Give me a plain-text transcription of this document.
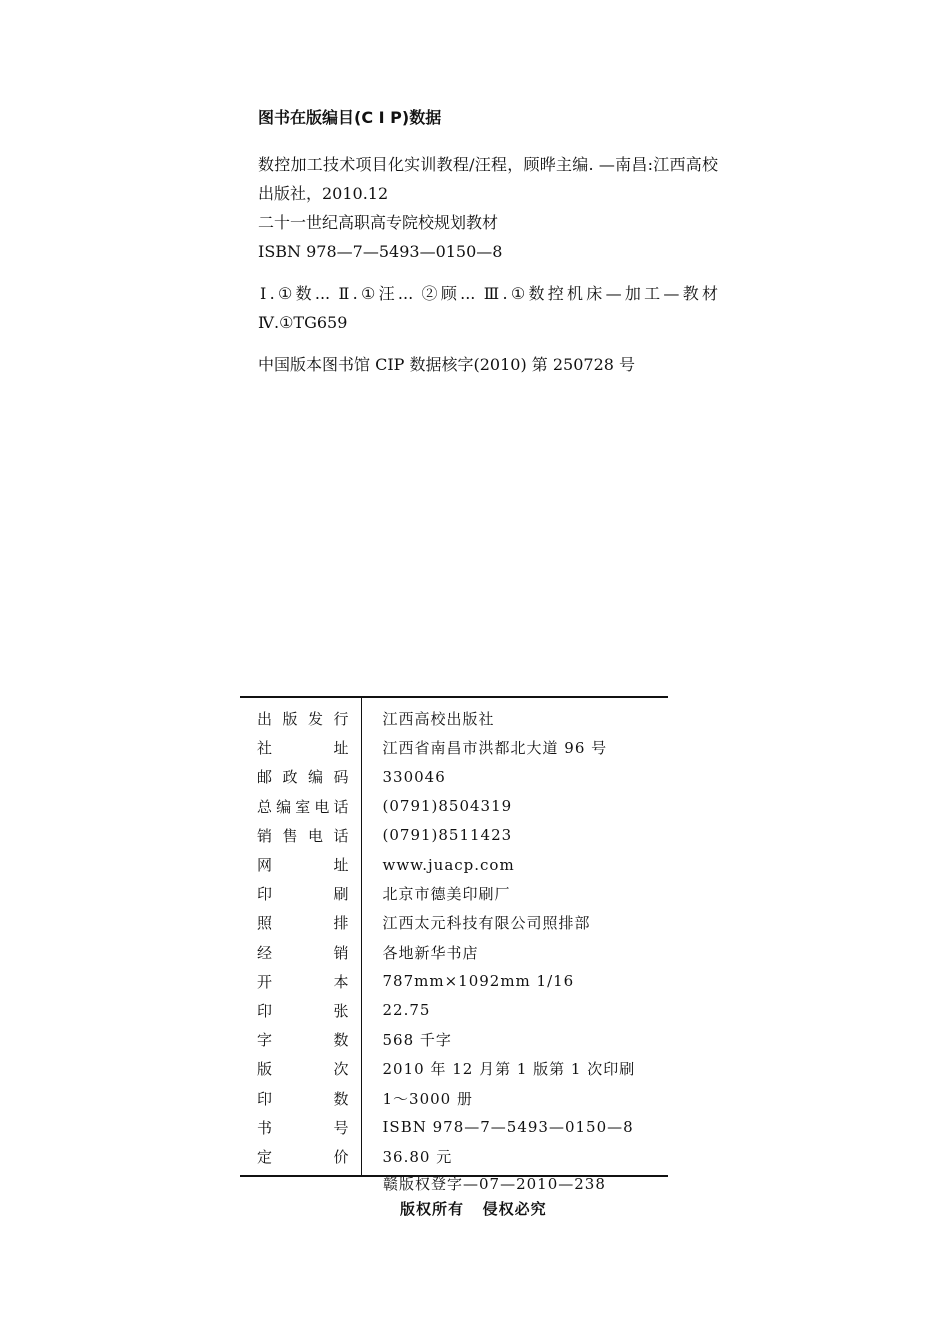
图书在版编目(C I P)数据

数控加工技术项目化实训教程/汪程，顾晔主编. —南昌:江西高校出版社，2010.12

二十一世纪高职高专院校规划教材

ISBN 978—7—5493—0150—8

Ⅰ.①数... Ⅱ.①汪... ②顾... Ⅲ.①数控机床—加工—教材 Ⅳ.①TG659

中国版本图书馆 CIP 数据核字(2010) 第 250728 号

出版发行	江西高校出版社
社址	江西省南昌市洪都北大道 96 号
邮政编码	330046
总编室电话	(0791)8504319
销售电话	(0791)8511423
网址	www.juacp.com
印刷	北京市德美印刷厂
照排	江西太元科技有限公司照排部
经销	各地新华书店
开本	787mm×1092mm 1/16
印张	22.75
字数	568 千字
版次	2010 年 12 月第 1 版第 1 次印刷
印数	1～3000 册
书号	ISBN 978—7—5493—0150—8
定价	36.80 元
赣版权登字—07—2010—238
版权所有   侵权必究
